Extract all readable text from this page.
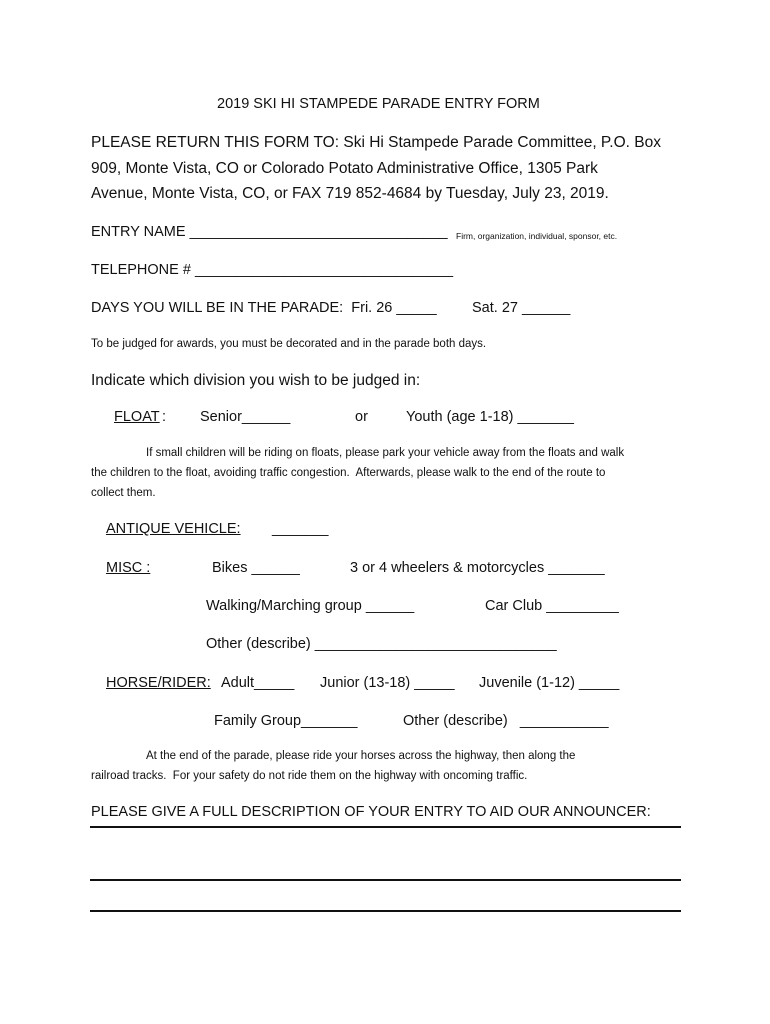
2019 SKI HI STAMPEDE PARADE ENTRY FORM
PLEASE RETURN THIS FORM TO: Ski Hi Stampede Parade Committee, P.O. Box
909, Monte Vista, CO or Colorado Potato Administrative Office, 1305 Park
Avenue, Monte Vista, CO, or FAX 719 852-4684 by Tuesday, July 23, 2019.
ENTRY NAME ________________________________ Firm, organization, individual, sponsor, etc.
TELEPHONE # ________________________________
DAYS YOU WILL BE IN THE PARADE:  Fri. 26 _____ Sat. 27 ______
To be judged for awards, you must be decorated and in the parade both days.
Indicate which division you wish to be judged in:
FLOAT
: Senior______	or	Youth (age 1-18) _______
If small children will be riding on floats, please park your vehicle away from the floats and walk
the children to the float, avoiding traffic congestion.  Afterwards, please walk to the end of the route to
collect them.
ANTIQUE VEHICLE: _______
MISC :	Bikes ______	3 or 4 wheelers & motorcycles _______
Walking/Marching group ______	Car Club _________
Other (describe) ______________________________
HORSE/RIDER: Adult_____ Junior (13-18) _____ Juvenile (1-12) _____
Family Group_______	Other (describe)   ___________
At the end of the parade, please ride your horses across the highway, then along the
railroad tracks.  For your safety do not ride them on the highway with oncoming traffic.
PLEASE GIVE A FULL DESCRIPTION OF YOUR ENTRY TO AID OUR ANNOUNCER:
